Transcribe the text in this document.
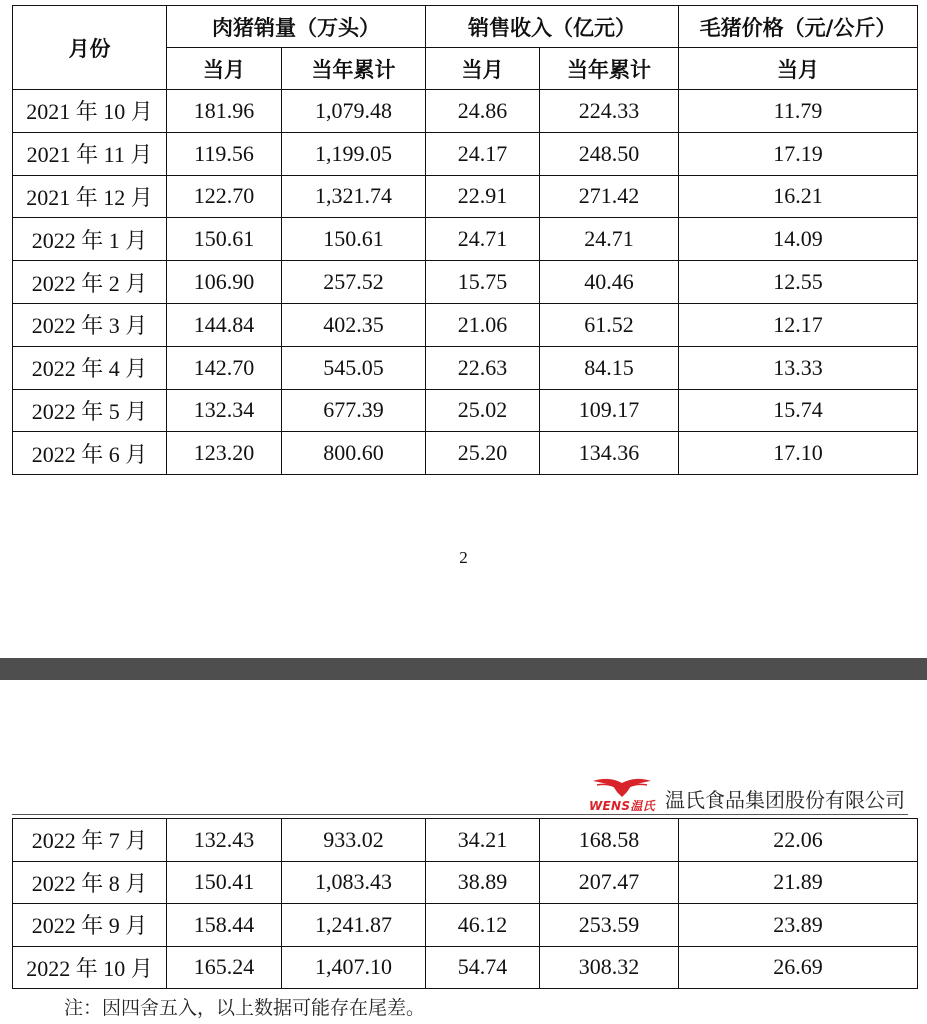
月份	肉猪销量（万头）		销售收入（亿元）		毛猪价格（元/公斤）
	当月	当年累计	当月	当年累计	当月
2021 年 10 月	181.96	1,079.48	24.86	224.33	11.79
2021 年 11 月	119.56	1,199.05	24.17	248.50	17.19
2021 年 12 月	122.70	1,321.74	22.91	271.42	16.21
2022 年 1 月	150.61	150.61	24.71	24.71	14.09
2022 年 2 月	106.90	257.52	15.75	40.46	12.55
2022 年 3 月	144.84	402.35	21.06	61.52	12.17
2022 年 4 月	142.70	545.05	22.63	84.15	13.33
2022 年 5 月	132.34	677.39	25.02	109.17	15.74
2022 年 6 月	123.20	800.60	25.20	134.36	17.10
2
WENS温氏 温氏食品集团股份有限公司
2022 年 7 月	132.43	933.02	34.21	168.58	22.06
2022 年 8 月	150.41	1,083.43	38.89	207.47	21.89
2022 年 9 月	158.44	1,241.87	46.12	253.59	23.89
2022 年 10 月	165.24	1,407.10	54.74	308.32	26.69
注：因四舍五入，以上数据可能存在尾差。
